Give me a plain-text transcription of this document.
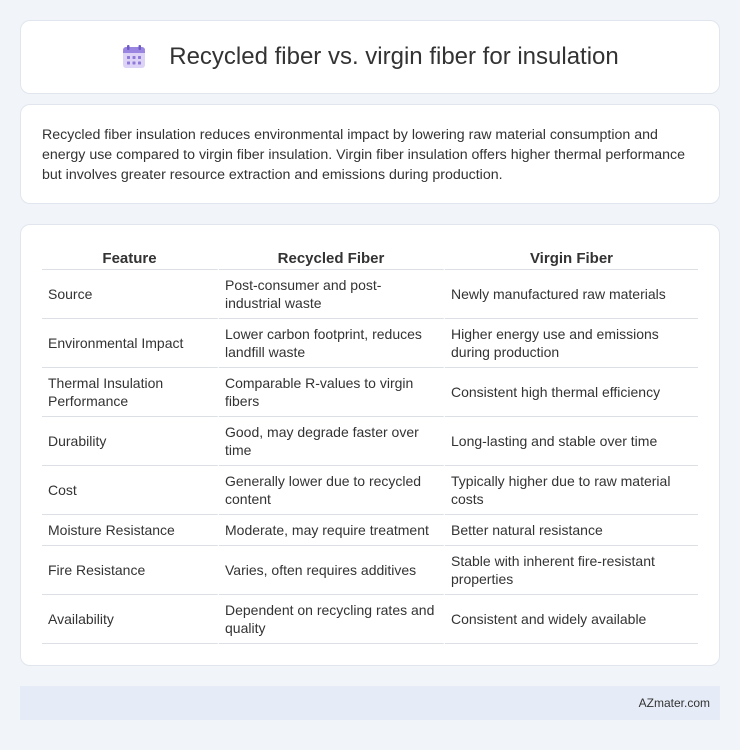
Recycled fiber vs. virgin fiber for insulation

Recycled fiber insulation reduces environmental impact by lowering raw material consumption and energy use compared to virgin fiber insulation. Virgin fiber insulation offers higher thermal performance but involves greater resource extraction and emissions during production.

Feature	Recycled Fiber	Virgin Fiber
Source	Post-consumer and post-industrial waste	Newly manufactured raw materials
Environmental Impact	Lower carbon footprint, reduces landfill waste	Higher energy use and emissions during production
Thermal Insulation Performance	Comparable R-values to virgin fibers	Consistent high thermal efficiency
Durability	Good, may degrade faster over time	Long-lasting and stable over time
Cost	Generally lower due to recycled content	Typically higher due to raw material costs
Moisture Resistance	Moderate, may require treatment	Better natural resistance
Fire Resistance	Varies, often requires additives	Stable with inherent fire-resistant properties
Availability	Dependent on recycling rates and quality	Consistent and widely available
AZmater.com
